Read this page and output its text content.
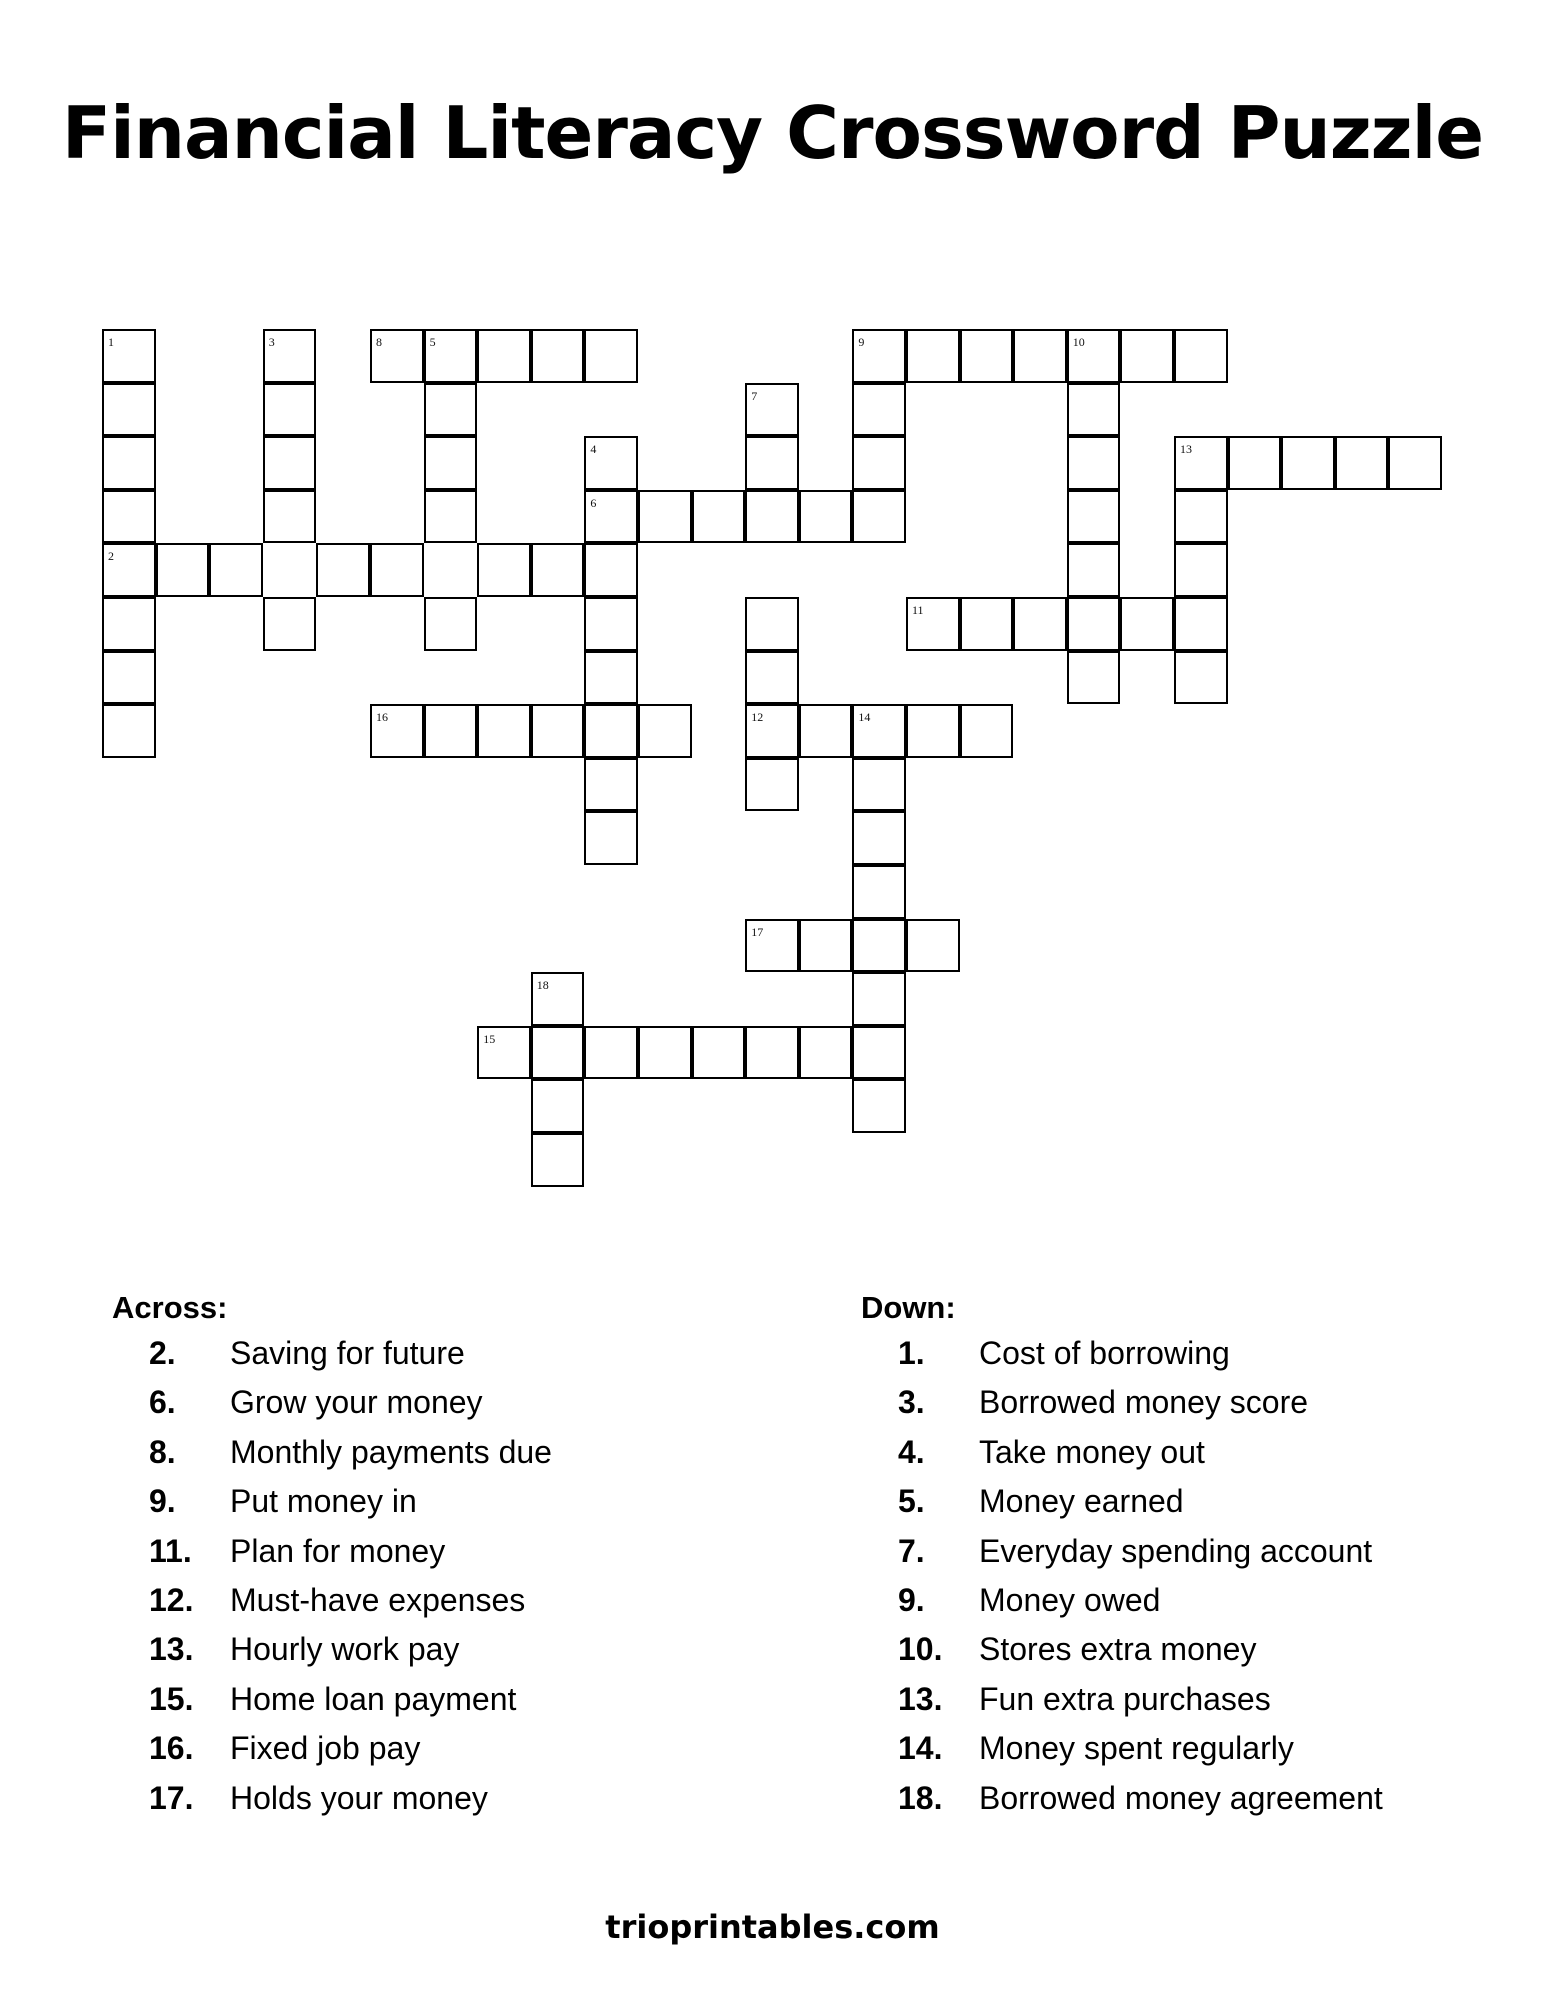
Financial Literacy Crossword Puzzle
1
2
3	8	5
4
6
7
12
9	10
13
11
16	14
17
18
15
Across:
2. Saving for future
6. Grow your money
8. Monthly payments due
9. Put money in
11. Plan for money
12. Must-have expenses
13. Hourly work pay
15. Home loan payment
16. Fixed job pay
17. Holds your money
Down:
1. Cost of borrowing
3. Borrowed money score
4. Take money out
5. Money earned
7. Everyday spending account
9. Money owed
10. Stores extra money
13. Fun extra purchases
14. Money spent regularly
18. Borrowed money agreement
trioprintables.com
